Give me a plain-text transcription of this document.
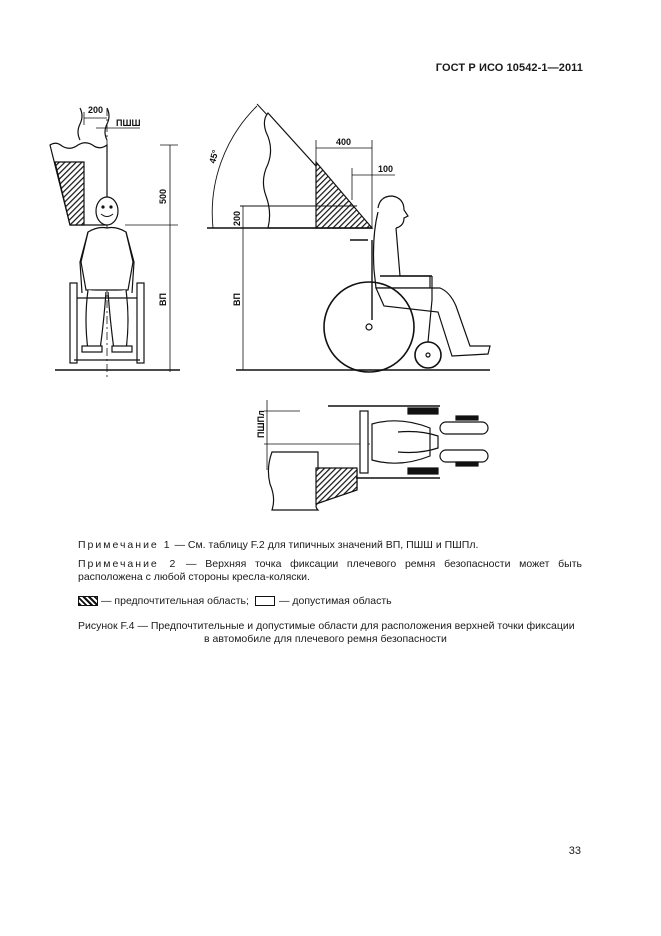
ГОСТ Р ИСО 10542-1—2011
200
ПШШ
500
ВП
45°
400
100
200
ВП
ПШПл
Примечание 1 — См. таблицу F.2 для типичных значений ВП, ПШШ и ПШПл.
Примечание 2 — Верхняя точка фиксации плечевого ремня безопасности может быть расположена с любой стороны кресла-коляски.
— предпочтительная область;	— допустимая область
Рисунок F.4 — Предпочтительные и допустимые области для расположения верхней точки фиксации
в автомобиле для плечевого ремня безопасности
33
